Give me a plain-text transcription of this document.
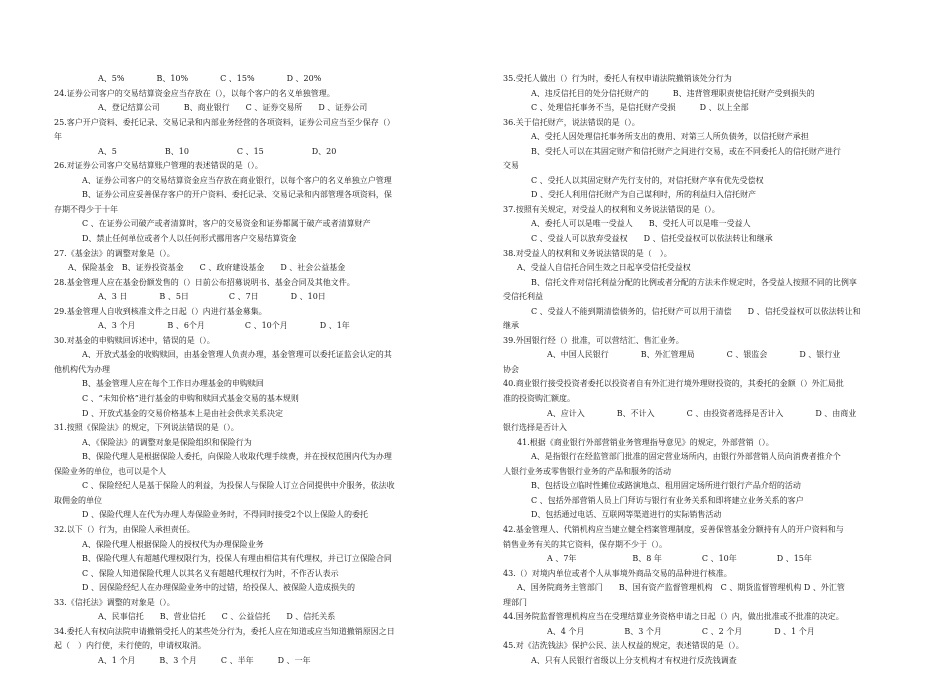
A、5%　　　　B、10%　　　　C 、15%　　　　D 、20%
24.证券公司客户的交易结算资金应当存放在（），以每个客户的名义单独管理。
A、登记结算公司　　　B、商业银行　　C 、证券交易所　　D 、证券公司
25.客户开户资料、委托记录、交易记录和内部业务经营的各项资料，证券公司应当至少保存（）
年
A、5　　　　　　B、10　　　　　　C 、15　　　　　　D、20
26.对证券公司客户交易结算账户管理的表述错误的是（）。
A、证券公司客户的交易结算资金应当存放在商业银行，以每个客户的名义单独立户管理
B、证券公司应妥善保存客户的开户资料、委托记录、交易记录和内部管理各项资料，保
存期不得少于十年
C 、在证券公司破产或者清算时，客户的交易资金和证券都属于破产或者清算财产
D、禁止任何单位或者个人以任何形式挪用客户交易结算资金
27.《基金法》的调整对象是（）。
A、保险基金　B、证券投资基金　　C 、政府建设基金　　D 、社会公益基金
28.基金管理人应在基金份额发售的（）日前公布招募说明书、基金合同及其他文件。
A、3 日　　　　B 、5日　　　　　C 、7日　　　　D 、10日
29.基金管理人自收到核准文件之日起（）内进行基金募集。
A、3 个月　　　　B 、6个月　　　　　C 、10个月　　　　D 、1年
30.对基金的申购赎回诉述中，错误的是（）。
A、开放式基金的收购赎回，由基金管理人负责办理，基金管理可以委托证监会认定的其
他机构代为办理
B、基金管理人应在每个工作日办理基金的申购赎回
C 、“未知价格”进行基金的申购和赎回式基金交易的基本规则
D 、开放式基金的交易价格基本上是由社会供求关系决定
31.按照《保险法》的规定，下列说法错误的是（）。
A、《保险法》的调整对象是保险组织和保险行为
B、保险代理人是根据保险人委托，向保险人收取代理手续费，并在授权范围内代为办理
保险业务的单位，也可以是个人
C 、保险经纪人是基于保险人的利益，为投保人与保险人订立合同提供中介服务，依法收
取佣金的单位
D 、保险代理人在代为办理人寿保险业务时，不得同时接受2个以上保险人的委托
32.以下（）行为，由保险人承担责任。
A、保险代理人根据保险人的授权代为办理保险业务
B、保险代理人有超越代理权限行为，投保人有理由相信其有代理权，并已订立保险合同
C 、保险人知道保险代理人以其名义有超越代理权行为时，不作否认表示
D 、因保险经纪人在办理保险业务中的过错，给投保人、被保险人造成损失的
33.《信托法》调整的对象是（）。
A、民事信托　　B、营业信托　　C 、公益信托　　D 、信托关系
34.委托人有权向法院申请撤销受托人的某些处分行为，委托人应在知道或应当知道撤销原因之日
起（　）内行使，未行使的，申请权取消。
A、1 个月　　　B、3 个月　　　C 、半年　　　D 、一年
35.受托人做出（）行为时，委托人有权申请法院撤销该处分行为
A、违反信托目的处分信托财产的　　　B、违背管理职责使信托财产受到损失的
C 、处理信托事务不当，是信托财产受损　　　D 、以上全部
36.关于信托财产，说法错误的是（）。
A、受托人因处理信托事务所支出的费用、对第三人所负债务，以信托财产承担
B、受托人可以在其固定财产和信托财产之间进行交易，或在不同委托人的信托财产进行
交易
C 、受托人以其固定财产先行支付的，对信托财产享有优先受偿权
D 、受托人利用信托财产为自己谋利时，所的利益归入信托财产
37.按照有关规定，对受益人的权利和义务说法错误的是（）。
A、委托人可以是唯一受益人　　B、受托人可以是唯一受益人
C 、受益人可以放弃受益权　　D 、信托受益权可以依法转让和继承
38.对受益人的权利和义务说法错误的是（　）。
A、受益人自信托合同生效之日起享受信托受益权
B、信托文件对信托利益分配的比例或者分配的方法未作规定时，各受益人按照不同的比例享
受信托利益
C 、受益人不能到期清偿债务的，信托财产可以用于清偿　　D 、信托受益权可以依法转让和
继承
39.外国银行经（）批准，可以营结汇、售汇业务。
A、中国人民银行　　　　B、外汇管理局　　　　C 、银监会　　　　D 、银行业
协会
40.商业银行接受投资者委托以投资者自有外汇进行境外理财投资的，其委托的金额（）外汇局批
准的投资购汇额度。
A、应计入　　　　B、不计入　　　　C 、由投资者选择是否计入　　　　D 、由商业
银行选择是否计入
41.根据《商业银行外部营销业务管理指导意见》的规定，外部营销（）。
A、是指银行在经监管部门批准的固定营业场所内，由银行外部营销人员向消费者推介个
人银行业务或零售银行业务的产品和服务的活动
B、包括设立临时性摊位或路演地点、租用固定场所进行银行产品介绍的活动
C 、包括外部营销人员上门拜访与银行有业务关系和即将建立业务关系的客户
D、包括通过电话、互联网等渠道进行的实际销售活动
42.基金管理人、代销机构应当建立健全档案管理制度，妥善保管基金分额持有人的开户资料和与
销售业务有关的其它资料，保存期不少于（）。
A 、7年　　　　　　　B、8 年　　　　　C 、10年　　　　　D 、15年
43.（）对境内单位或者个人从事境外商品交易的品种进行核准。
A、国务院商务主管部门　　B、国有资产监督管理机构　C 、期货监督管理机构 D 、外汇管
理部门
44.国务院监督管理机构应当在受理结算业务资格申请之日起（）内，做出批准或不批准的决定。
A、4 个月　　　　　B、3 个月　　　　　C 、2 个月　　　　D 、1 个月
45.对《洁洗钱法》保护公民、法人权益的规定，表述错误的是（）。
A、只有人民银行省级以上分支机构才有权进行反洗钱调查
